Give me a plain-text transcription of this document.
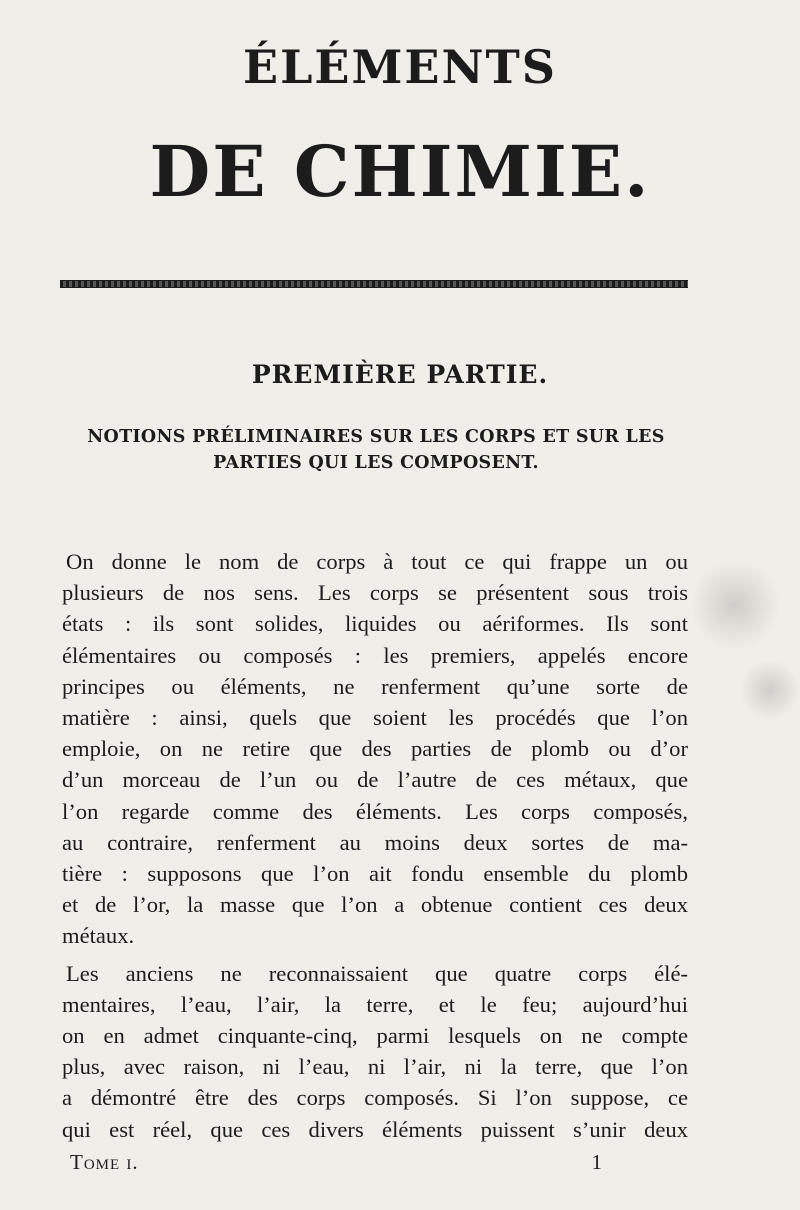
ÉLÉMENTS
DE CHIMIE.
PREMIÈRE PARTIE.
NOTIONS PRÉLIMINAIRES SUR LES CORPS ET SUR LES
PARTIES QUI LES COMPOSENT.

On donne le nom de corps à tout ce qui frappe un ou
plusieurs de nos sens. Les corps se présentent sous trois
états : ils sont solides, liquides ou aériformes. Ils sont
élémentaires ou composés : les premiers, appelés encore
principes ou éléments, ne renferment qu’une sorte de
matière : ainsi, quels que soient les procédés que l’on
emploie, on ne retire que des parties de plomb ou d’or
d’un morceau de l’un ou de l’autre de ces métaux, que
l’on regarde comme des éléments. Les corps composés,
au contraire, renferment au moins deux sortes de ma-
tière : supposons que l’on ait fondu ensemble du plomb
et de l’or, la masse que l’on a obtenue contient ces deux
métaux.

Les anciens ne reconnaissaient que quatre corps élé-
mentaires, l’eau, l’air, la terre, et le feu; aujourd’hui
on en admet cinquante-cinq, parmi lesquels on ne compte
plus, avec raison, ni l’eau, ni l’air, ni la terre, que l’on
a démontré être des corps composés. Si l’on suppose, ce
qui est réel, que ces divers éléments puissent s’unir deux

Tome i.	1
